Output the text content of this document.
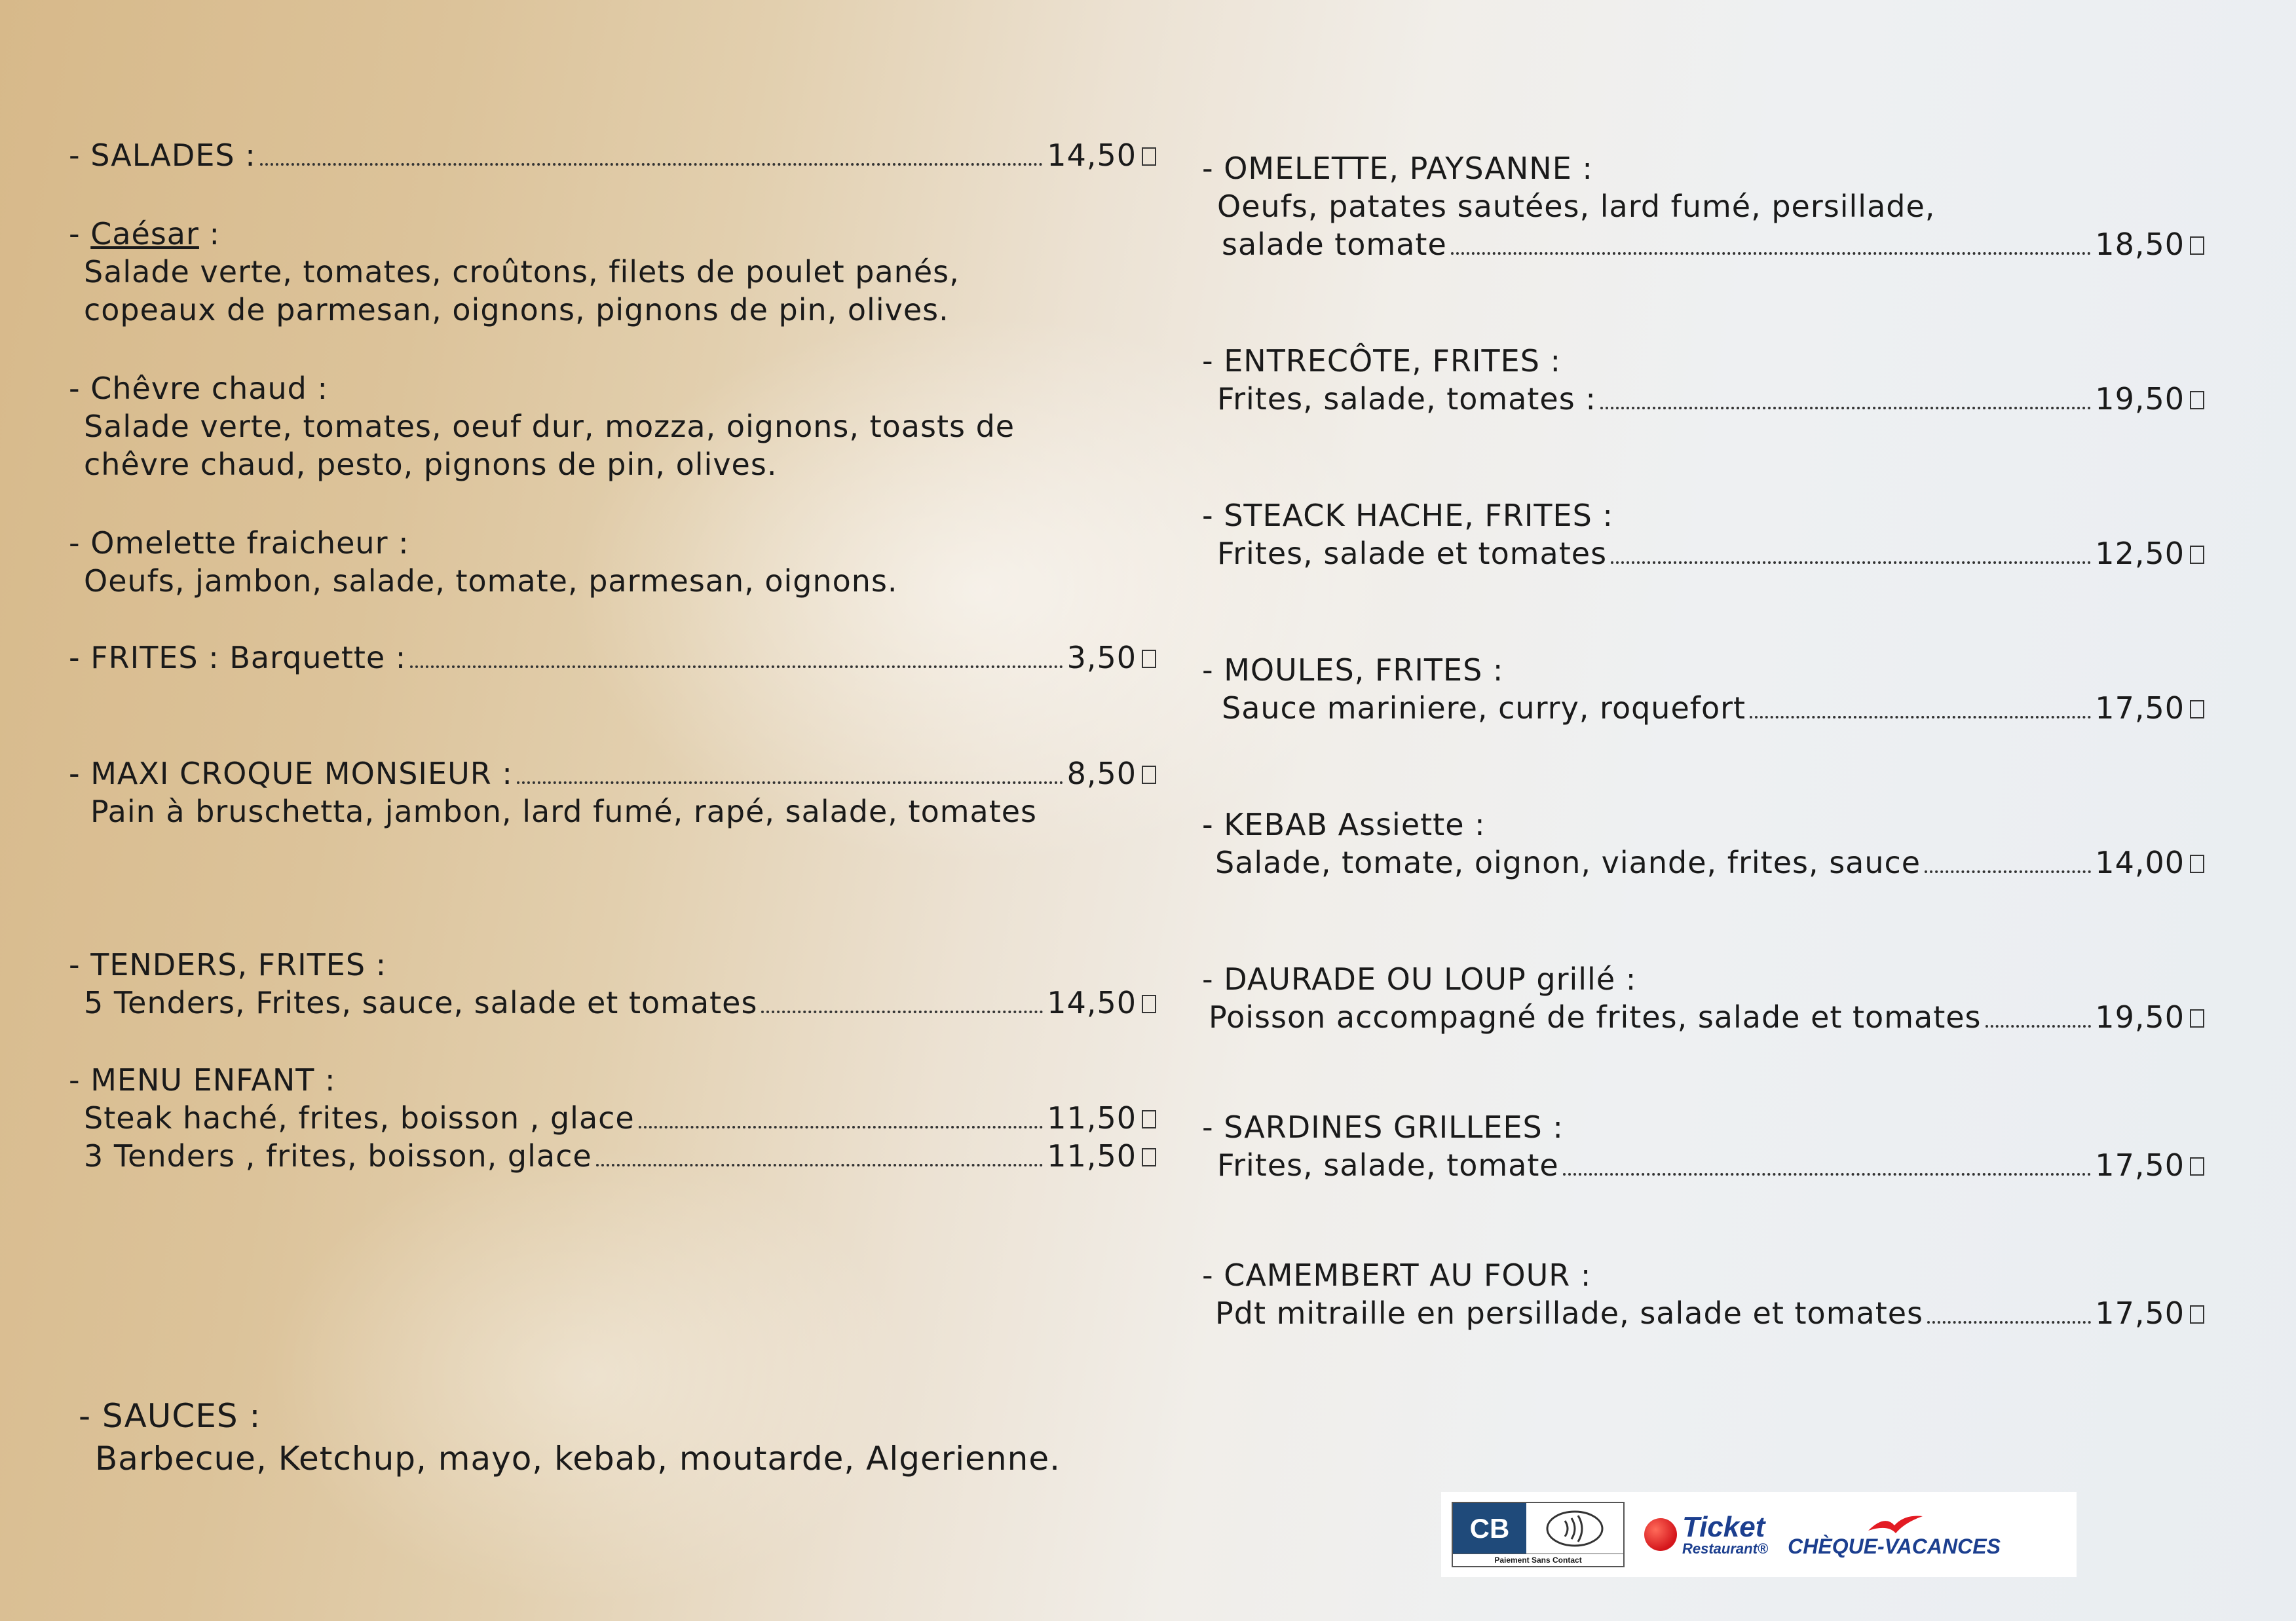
- SALADES :	14,50
- Caésar :
Salade verte, tomates, croûtons, filets de poulet panés,
copeaux de parmesan, oignons, pignons de pin, olives.
- Chêvre chaud :
Salade verte, tomates, oeuf dur, mozza, oignons, toasts de
chêvre chaud, pesto, pignons de pin, olives.
- Omelette fraicheur :
Oeufs, jambon, salade, tomate, parmesan, oignons.
- FRITES : Barquette :	3,50
- MAXI CROQUE MONSIEUR :	8,50
Pain à bruschetta, jambon, lard fumé, rapé, salade, tomates
- TENDERS, FRITES :
5 Tenders, Frites, sauce, salade et tomates	14,50
- MENU ENFANT :
Steak haché, frites, boisson , glace	11,50
3 Tenders , frites, boisson, glace	11,50
- SAUCES :
Barbecue, Ketchup, mayo, kebab, moutarde, Algerienne.
- OMELETTE, PAYSANNE :
Oeufs, patates sautées, lard fumé, persillade,
salade tomate	18,50
- ENTRECÔTE, FRITES :
Frites, salade, tomates :	19,50
- STEACK HACHE, FRITES :
Frites, salade et tomates	12,50
- MOULES, FRITES :
Sauce mariniere, curry, roquefort	17,50
- KEBAB Assiette :
Salade, tomate, oignon, viande, frites, sauce	14,00
- DAURADE OU LOUP grillé :
Poisson accompagné de frites, salade et tomates	19,50
- SARDINES GRILLEES :
Frites, salade, tomate	17,50
- CAMEMBERT AU FOUR :
Pdt mitraille en persillade, salade et tomates	17,50
CB
Paiement Sans Contact
Ticket
Restaurant® CHÈQUE-VACANCES
